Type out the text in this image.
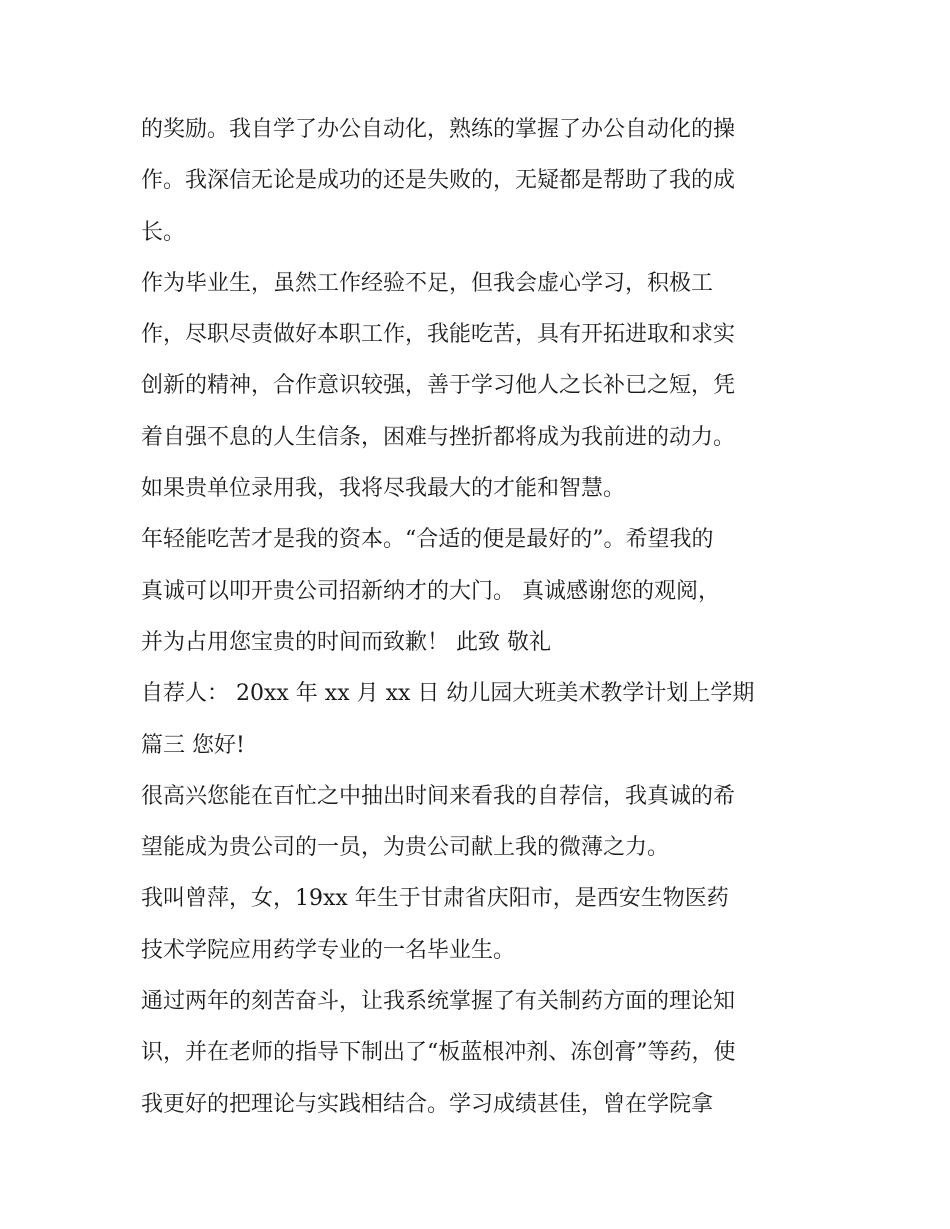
的奖励。我自学了办公自动化，熟练的掌握了办公自动化的操
作。我深信无论是成功的还是失败的，无疑都是帮助了我的成
长。
作为毕业生，虽然工作经验不足，但我会虚心学习，积极工
作，尽职尽责做好本职工作，我能吃苦，具有开拓进取和求实
创新的精神，合作意识较强，善于学习他人之长补已之短，凭
着自强不息的人生信条，困难与挫折都将成为我前进的动力。
如果贵单位录用我，我将尽我最大的才能和智慧。
年轻能吃苦才是我的资本。“合适的便是最好的”。希望我的
真诚可以叩开贵公司招新纳才的大门。 真诚感谢您的观阅，
并为占用您宝贵的时间而致歉！ 此致 敬礼
自荐人： 20xx 年 xx 月 xx 日 幼儿园大班美术教学计划上学期
篇三 您好!
很高兴您能在百忙之中抽出时间来看我的自荐信，我真诚的希
望能成为贵公司的一员，为贵公司献上我的微薄之力。
我叫曾萍，女，19xx 年生于甘肃省庆阳市，是西安生物医药
技术学院应用药学专业的一名毕业生。
通过两年的刻苦奋斗，让我系统掌握了有关制药方面的理论知
识，并在老师的指导下制出了“板蓝根冲剂、冻创膏”等药，使
我更好的把理论与实践相结合。学习成绩甚佳，曾在学院拿
